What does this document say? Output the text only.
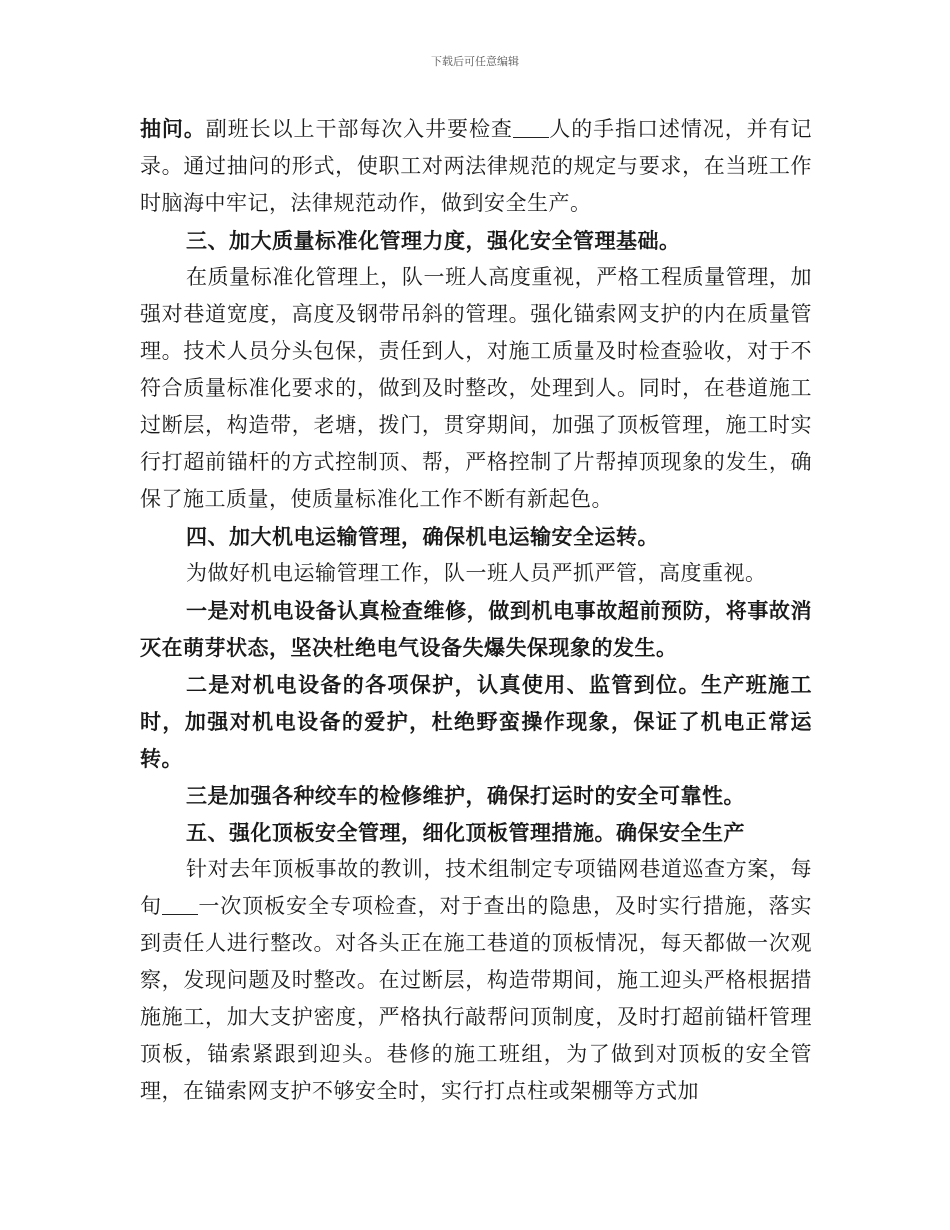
下载后可任意编辑

抽问。副班长以上干部每次入井要检查 人的手指口述情况，并有记录。通过抽问的形式，使职工对两法律规范的规定与要求，在当班工作时脑海中牢记，法律规范动作，做到安全生产。

三、加大质量标准化管理力度，强化安全管理基础。

在质量标准化管理上，队一班人高度重视，严格工程质量管理，加强对巷道宽度，高度及钢带吊斜的管理。强化锚索网支护的内在质量管理。技术人员分头包保，责任到人，对施工质量及时检查验收，对于不符合质量标准化要求的，做到及时整改，处理到人。同时，在巷道施工过断层，构造带，老塘，拨门，贯穿期间，加强了顶板管理，施工时实行打超前锚杆的方式控制顶、帮，严格控制了片帮掉顶现象的发生，确保了施工质量，使质量标准化工作不断有新起色。

四、加大机电运输管理，确保机电运输安全运转。

为做好机电运输管理工作，队一班人员严抓严管，高度重视。

一是对机电设备认真检查维修，做到机电事故超前预防，将事故消灭在萌芽状态，坚决杜绝电气设备失爆失保现象的发生。

二是对机电设备的各项保护，认真使用、监管到位。生产班施工时，加强对机电设备的爱护，杜绝野蛮操作现象，保证了机电正常运转。

三是加强各种绞车的检修维护，确保打运时的安全可靠性。

五、强化顶板安全管理，细化顶板管理措施。确保安全生产

针对去年顶板事故的教训，技术组制定专项锚网巷道巡查方案，每旬 一次顶板安全专项检查，对于查出的隐患，及时实行措施，落实到责任人进行整改。对各头正在施工巷道的顶板情况，每天都做一次观察，发现问题及时整改。在过断层，构造带期间，施工迎头严格根据措施施工，加大支护密度，严格执行敲帮问顶制度，及时打超前锚杆管理顶板，锚索紧跟到迎头。巷修的施工班组，为了做到对顶板的安全管理，在锚索网支护不够安全时，实行打点柱或架棚等方式加
